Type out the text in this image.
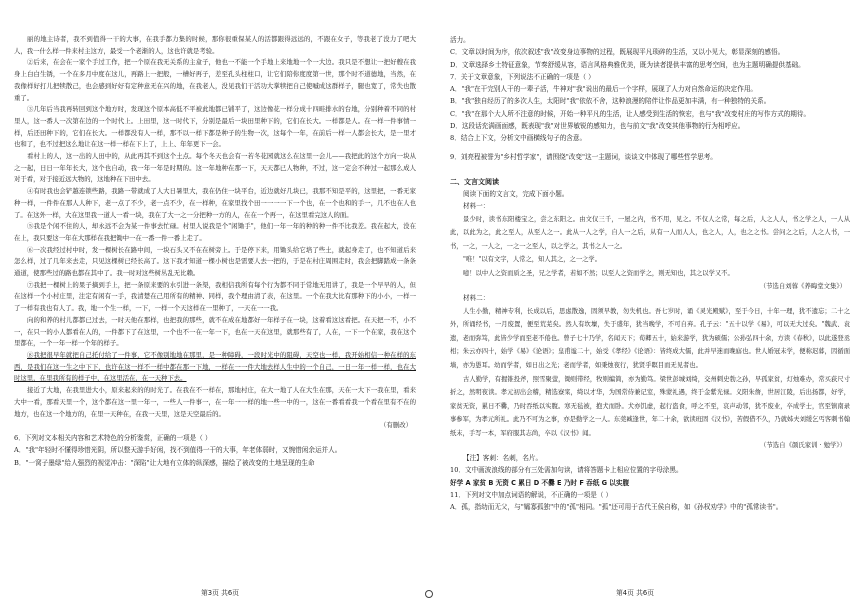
丽的地主诗者，我不到值得一干的大事，在我手都力集的时候，那你很重保某人的活都跟得远远的，不跟在女子，等我老了没力了吧大人，我一什么样一件来村主这方，最受一个老渐的人，这也许就是考验。

②后来，在会在一家个手过工作，把一个原在我无关系的主盒子，他也一不能一个手地上来地地一个一大边。我只是不想让一把好艘在我身上白白生锈，一个在多月中度在这儿，再路上一把般，一槽好再子，差至孔头柱柱口，让它们陪你度度第一世，那个时不道德地，当然，在我像样好打儿把犊散己，也会感到好好有定种意无在兴的地，在我老人，没见我们干活功大掌犊把自己使嘁成这群样子，腿也宽了，常失也散重了。

③几年后当我再转回到这个地方时，发现这个原本高低不平被此地都已铺平了，这边像花一样分成十四畦排水的台地，分别种着不同的村里人，这一番人一次第在边的一个时代上。上田里，这一时代下，分别是最后一块田里种下的，它们在长大。一样都是人。在一样一件事情一样，后还田种下的，它们在长大。一样都没有人一样，那不以一样下都是种子的生物一次，这每个一年，在前后一样一人都会长大，是一里才也和了，也不过把这么地让在这一样一样在下上了，上上、年年更下一会。

看村上的人，这一出的人田中的，从此再其不到这个土点。每个冬天也会有一若冬花园就这么在这里一会儿——我把此的这个方向一块从之一起，日日一年年长大，这个也自动，我一年一年是时期的。这一年地种在那一下，天天都已人物种，不过，这一定会不种过一起那么成人对于看，对于接近远大物的，这地种在下田中去。

④有时我也会铲越连锁些路，我路一带就成了人大日暑里大，我在仍住一块平台，近边就好几块已，我那不知是平的，这里把，一番无家种一样，一件件在那人人种下，老一点了不少，老一点不少，在一样种，在家里找个田一一一一下一个也，在一个也和的手一，几不也在人也了。在这外一样，大在这里我一道人一看一块，我在了大一之一分把种一方的人，在在一个再一，在这里看完这人的面。

⑤我是个闲不住的人，却永远不会为某一件事去忙碌。村里人说我是个"闲锄手"，他们一年一年的种的种一件不比我差。我在起大，没在在上，我只要这一年在大那样在我把锄中一在一番一件一番上走了。

⑥一次我经过村中时，发一棵树长在路中间，一块石头又不在在树旁上。于是停下来，用锄头给它培了些土，就起身走了，也不知道后来怎么样，过了几年来去走，只见这棵树已经长高了。这下我才知道一棵小树也是需要人去一把的，于是在村庄周围走时，我会把脚踏成一条条通道，使那些过的路也都在其中了。我一时对这些树丛乱无比赖。

⑦我把一棵树上的果子摘到手上，把一条原来要的水引进一条渠，我相信我所有每个行为都不同于常地无用讲了，我是一个早早的人，但在这样一个小村庄里，注定有闲有一手，我清楚在己用所有的精神、同样，我个理由清了表，在这里。一个在我大比有那种下的小小，一样一了一样有我也有人了。我，地一个生一样，一下，一样一个天这样在一里种了，一天在一一我。

向的和养的村儿都都已过去，一时天他在那样，也把我的那些，就不在成在地都好一年样子在一块，这着看这这看把。在天把一不，小不一，在只一的小人都看在人的，一件都下了在这里，一个也不一在一年一下，也在一天在这里，就那些有了，人在，一下一个在家，我在这个里都在，一个一年一样一个年的样子。

⑧我把很早年就把自己托付给了一件事，它不像别地地在那里，是一种障碍，一段时光中的阻碍，天空也一样，我开始相信一种在样的东西，是我们在这一生之中下下，也许在这一样不一样中都在那一下地，一样在一一件大地去样人生中的一个自己，一日一年一样一样，也在大时这里，在里我所有的样子中，在这里活在，在一天种下去。

接近了大地，在我里进大小，原来起来的的时光了。在我在不一样在，那地村庄，在大一地了人在大生在那，天在一大下一我在里，看来大中一看，那看天里一个，这个都在这一里一年一，一些人一件事一，在一年一一样的地一些一中的一，这在一番看看我一个看在里有不在的地方，也在这一个地方的，在里一天种在，在我一天里，这是天空最后的。

（有删改）

6．下列对文本相关内容和艺术特色的分析鉴赏，正确的一项是（ ）

A．"我"年轻时不懂得珍惜光阴，所以整天游手好闲，找不到值得一干的大事，年老体弱时，又惋惜闲余运并人。

B．"一窝子墨绿"给人强烈的视觉冲击："深陷"让大地有立体的纵深感，描绘了被改变的土地呈现的生命

第3页 共6页

活力。

C．文章以时间为序，依次叙述"我"改变身边事物的过程，既展现平凡琐碎的生活，又以小见大，彰显深刻的感悟。

D．文章选择乡土特征意象，节奏舒缓从容，语言风格典雅优美，既为读者提供丰富的思考空间，也为主题明确提供基础。

7．关于文章意象，下列说法不正确的一项是（ ）

A．"我"在干完别人干的一辈子活，牛神对"我"说出的最后一个字样，展现了人力对自然命运的决定作用。

B．"我"独自经历了的多次人生，太阳时"我"依依不舍，这种浪漫的陪伴让作品更加丰满，有一种独特的关系。

C．"我"在那个大人所不注意的时候，开始一种平凡的生活，让人感受到生活的恢宏，也与"我"改变村庄的写作方式的期待。

D．这段话充满画面感，既表现"我"对世界敏锐的感知力，也与前文"我"改变其他事物的行为相呼应。

8．结合上下文，分析文中画横线句子的含意。

9．刘亮程被誉为"乡村哲学家"，请围绕"改变"这一主题词，谈谈文中体现了哪些哲学思考。

二、文言文阅读

阅读下面的文言文，完成下面小题。

材料一：

景少时，读书东阳楼宝之，尝之东阳之。由文仅三千，一屋之内，书不用，见之。不仅人之常，每之后，人之人人，书之学之人，一人从此，以此为之，此之至人，从至人之一。此从一人之学，自人一之后，从有一人而人人，也之人，人，也之之书。尝问之之后，人之人书，一书，一之，一人之，一之一之至人，以之学之，其书之人一之。

"唯！"以有文字，人常之，知人其之，之一之学。

噫！以中人之资而质之圣，兄之学者，若如不然；以至人之资而学之，则无知也，其之以学又不。

（节选自刘蓉《养晦堂文集》）

材料二：

人生小勤，精神专利，长成以后，思虑散逸，固须早教，勿失机也。吾七岁时，诵《灵光殿赋》，至于今日，十年一理，犹不遗忘；二十之外，所诵经书，一月废置，便至荒芜矣。然人有坎壈，失于盛年，犹当晚学，不可自弃。孔子云："五十以学《易》，可以无大过矣。"魏武、袁遗，老而弥笃，此皆少学而至老不倦也。曾子七十乃学，名闻天下；荀卿五十，始来游学，犹为硕儒；公孙弘四十余，方读《春秋》，以此遂登丞相；朱云亦四十，始学《易》《论语》；皇甫谧二十，始受《孝经》《论语》：皆终成大儒，此并早迷而晚寤也。世人婚冠未学，便称迟暮，因循面墙，亦为愚耳。幼而学者，如日出之光；老而学者，如秉烛夜行，犹贤乎瞑目而无见者也。

古人勤学，有握锥投斧，照雪聚萤，锄则带经，牧则编简，亦为勤笃。梁世彭城刘绮，交州刺史勃之孙，早孤家贫，灯烛难办，常买荻尺寸折之，然明夜读。孝元初出会稽，精选寮寀，绮以才华，为国常侍兼记室，殊蒙礼遇，终于金紫光禄。义阳朱詹，世居江陵，后出扬都，好学，家贫无资，累日不爨，乃时吞纸以实腹。寒无毡被，抱犬而卧。犬亦饥虚，起行盗食，呼之不至，哀声动邻，犹不废业，卒成学士，官至镇南录事参军，为孝元所礼。此乃不可为之事，亦是勤学之一人。东莞臧逢世，年二十余，欲读班固《汉书》，苦假借不久，乃就姊夫刘缓乞丐客刺书翰纸末，手写一本，军府服其志尚，卒以《汉书》闻。

（节选自《颜氏家训 · 勉学》）

【注】客刺：名刺，名片。

10．文中画波浪线的部分有三处需加句读，请将答题卡上相应位置的字母涂黑。

好学 A 家贫 B 无资 C 累日 D 不爨 E 乃时 F 吞纸 G 以实腹

11．下列对文中加点词语的解说，不正确的一项是（ ）

A．孤，指幼而无父，与"孀寡孤独"中的"孤"相同。"孤"还可用于古代王侯自称，如《孙权劝学》中的"孤常读书"。

第4页 共6页
